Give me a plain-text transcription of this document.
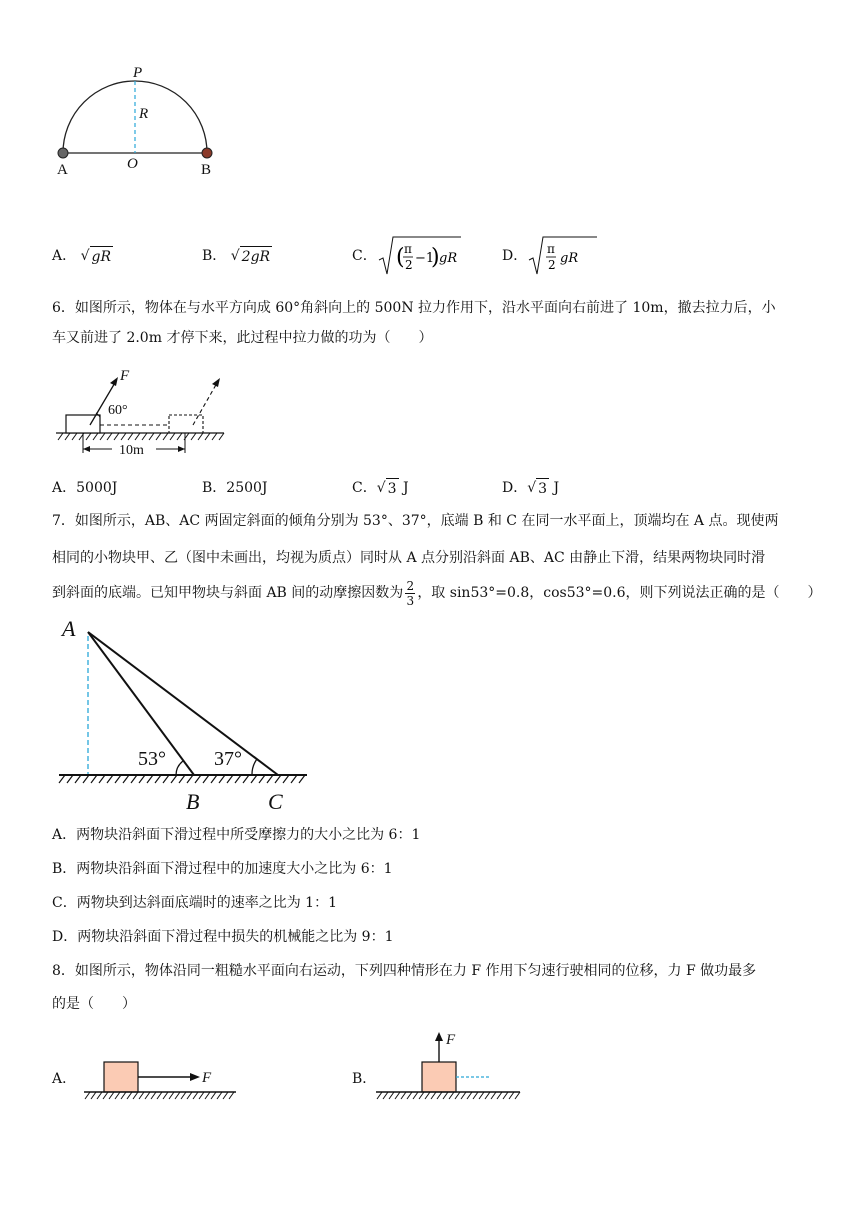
P
R
O
A	B
A． √ gR	B． √ 2gR	C． ( π
2 −1
) gR	D． π
2 gR
6．如图所示，物体在与水平方向成 60°角斜向上的 500N 拉力作用下，沿水平面向右前进了 10m，撤去拉力后，小
车又前进了 2.0m 才停下来，此过程中拉力做的功为（　　）
F
60°
10m
A．5000J	B．2500J	C． √ 3 J	D． √ 3 J
7．如图所示，AB、AC 两固定斜面的倾角分别为 53°、37°，底端 B 和 C 在同一水平面上，顶端均在 A 点。现使两
相同的小物块甲、乙（图中未画出，均视为质点）同时从 A 点分别沿斜面 AB、AC 由静止下滑，结果两物块同时滑
到斜面的底端。已知甲物块与斜面 AB 间的动摩擦因数为 2
3 ，取 sin53°=0.8，cos53°=0.6，则下列说法正确的是（　　）
A
53° 37°
B	C
A．两物块沿斜面下滑过程中所受摩擦力的大小之比为 6：1
B．两物块沿斜面下滑过程中的加速度大小之比为 6：1
C．两物块到达斜面底端时的速率之比为 1：1
D．两物块沿斜面下滑过程中损失的机械能之比为 9：1
8．如图所示，物体沿同一粗糙水平面向右运动，下列四种情形在力 F 作用下匀速行驶相同的位移，力 F 做功最多
的是（　　）
A．	F	B．
F
